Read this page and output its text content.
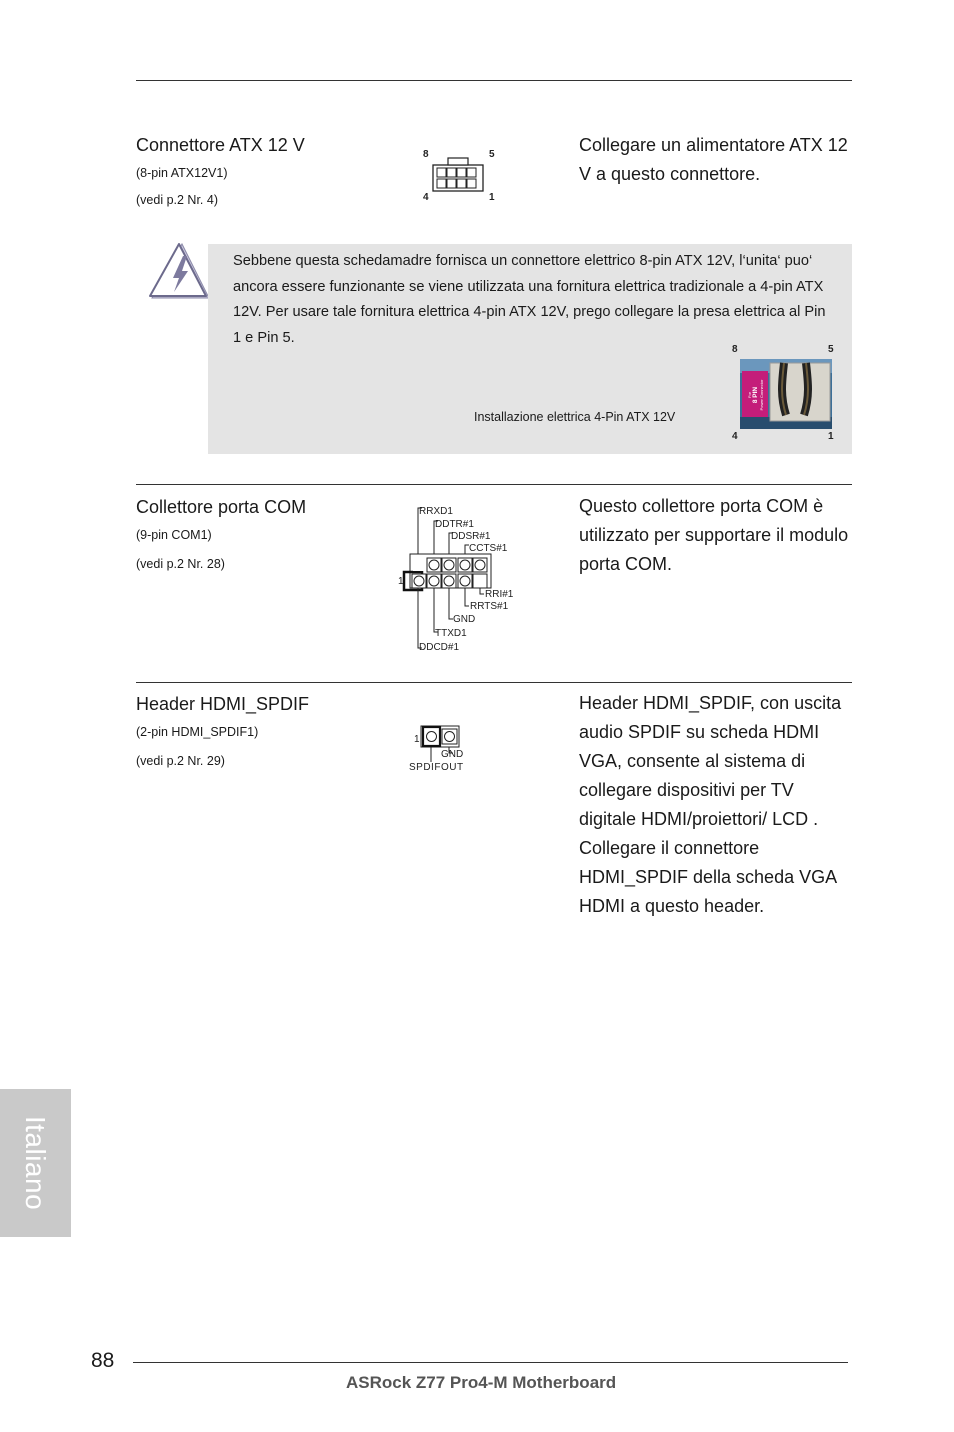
Connettore ATX 12 V
(8-pin ATX12V1)
(vedi p.2 Nr. 4)
8	5
4	1
Collegare un alimentatore ATX 12 V a questo connettore.
Sebbene questa schedamadre fornisca un connettore elettrico 8-pin ATX 12V, l‘unita‘ puo‘ ancora essere funzionante se viene utilizzata una fornitura elettrica tradizionale a 4-pin ATX 12V. Per usare tale fornitura elettrica 4-pin ATX 12V, prego collegare la presa elettrica al Pin 1 e Pin 5.
Installazione elettrica 4-Pin ATX 12V
8	5
4	1
For 8 PIN Power Connector
Collettore porta COM
(9-pin COM1)
(vedi p.2 Nr. 28)
RRXD1
DDTR#1
DDSR#1
CCTS#1
1
RRI#1
RRTS#1
GND
TTXD1
DDCD#1
Questo collettore porta COM è utilizzato per supportare il modulo porta COM.
Header HDMI_SPDIF
(2-pin HDMI_SPDIF1)
(vedi p.2 Nr. 29)
1
GND
SPDIFOUT
Header HDMI_SPDIF, con uscita audio SPDIF su scheda HDMI VGA, consente al sistema di collegare dispositivi per TV digitale HDMI/proiettori/ LCD . Collegare il connettore HDMI_SPDIF della scheda VGA HDMI a questo header.
Italiano
88
ASRock Z77 Pro4-M Motherboard
